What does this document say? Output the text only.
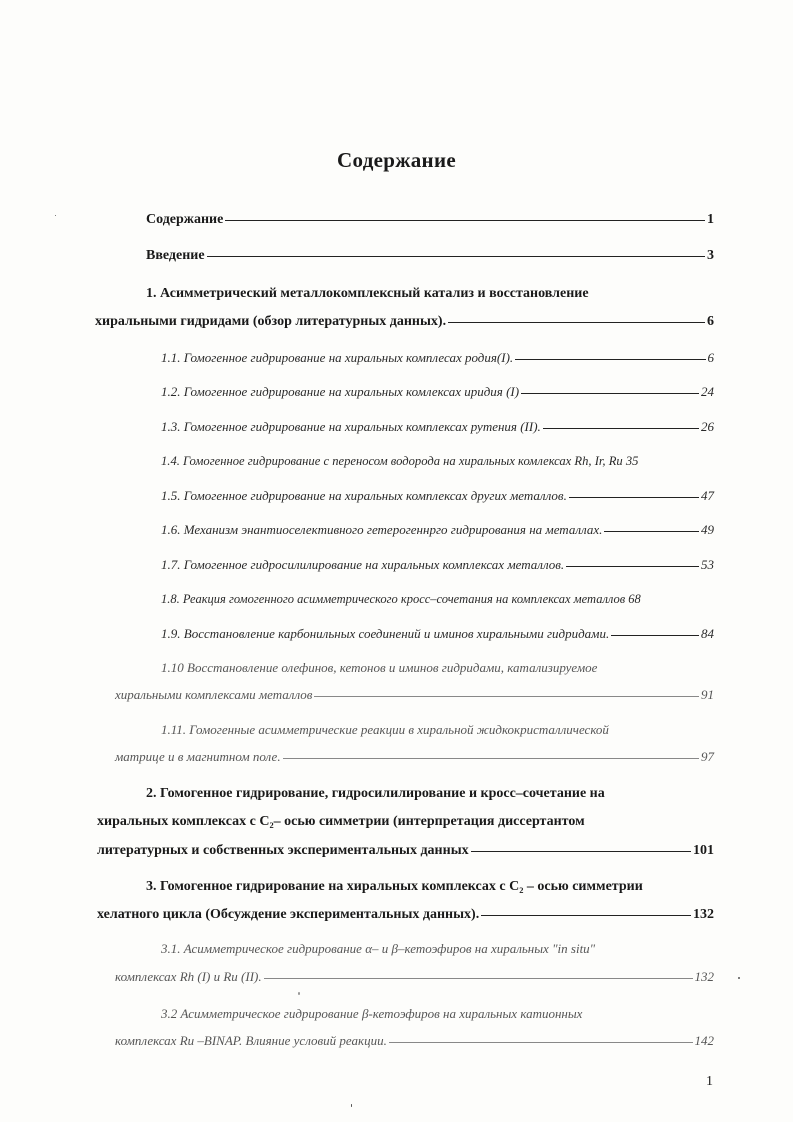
Содержание
Содержание	1
Введение	3
1. Асимметрический металлокомплексный катализ и восстановление
хиральными гидридами (обзор литературных данных).	6
1.1. Гомогенное гидрирование на хиральных комплесах родия(I).	6
1.2. Гомогенное гидрирование на хиральных комлексах иридия (I)	24
1.3. Гомогенное гидрирование на хиральных комплексах рутения (II).	26
1.4. Гомогенное гидрирование с переносом водорода на хиральных комлексах Rh, Ir, Ru 35
1.5. Гомогенное гидрирование на хиральных комплексах других металлов.	47
1.6. Механизм энантиоселективного гетерогеннрго гидрирования на металлах.	49
1.7. Гомогенное гидросилилирование на хиральных комплексах металлов.	53
1.8. Реакция гомогенного асимметрического кросс–сочетания на комплексах металлов 68
1.9. Восстановление карбонильных соединений и иминов хиральными гидридами.	84
1.10 Восстановление олефинов, кетонов и иминов гидридами, катализируемое
хиральными комплексами металлов	91
1.11. Гомогенные асимметрические реакции в хиральной жидкокристаллической
матрице и в магнитном поле.	97
2. Гомогенное гидрирование, гидросилилирование и кросс–сочетание на
хиральных комплексах с C₂– осью симметрии (интерпретация диссертантом
литературных и собственных экспериментальных данных	101
3. Гомогенное гидрирование на хиральных комплексах с C₂ – осью симметрии
хелатного цикла (Обсуждение экспериментальных данных).	132
3.1. Асимметрическое гидрирование α– и β–кетоэфиров на хиральных "in situ"
комплексах Rh (I) и Ru (II).	132
3.2 Асимметрическое гидрирование β-кетоэфиров на хиральных катионных
комплексах Ru –BINAP. Влияние условий реакции.	142
1
